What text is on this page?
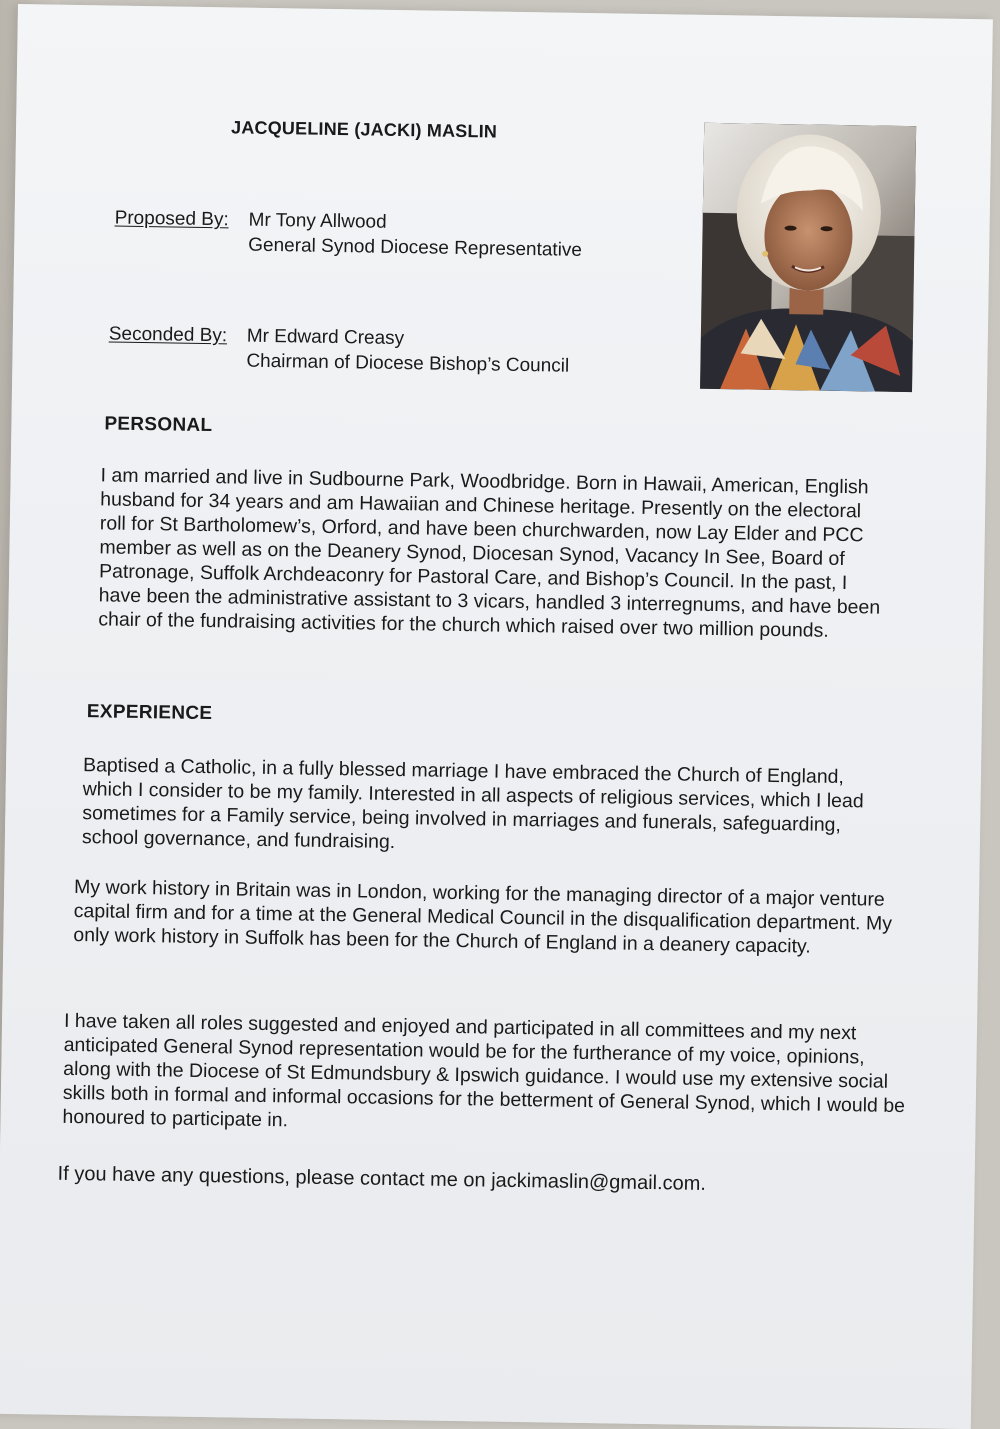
JACQUELINE (JACKI) MASLIN
Proposed By: Mr Tony Allwood
General Synod Diocese Representative
Seconded By: Mr Edward Creasy
Chairman of Diocese Bishop’s Council
PERSONAL
I am married and live in Sudbourne Park, Woodbridge. Born in Hawaii, American, English husband for 34 years and am Hawaiian and Chinese heritage. Presently on the electoral roll for St Bartholomew’s, Orford, and have been churchwarden, now Lay Elder and PCC member as well as on the Deanery Synod, Diocesan Synod, Vacancy In See, Board of Patronage, Suffolk Archdeaconry for Pastoral Care, and Bishop’s Council. In the past, I have been the administrative assistant to 3 vicars, handled 3 interregnums, and have been chair of the fundraising activities for the church which raised over two million pounds.
EXPERIENCE
Baptised a Catholic, in a fully blessed marriage I have embraced the Church of England, which I consider to be my family. Interested in all aspects of religious services, which I lead sometimes for a Family service, being involved in marriages and funerals, safeguarding, school governance, and fundraising.
My work history in Britain was in London, working for the managing director of a major venture capital firm and for a time at the General Medical Council in the disqualification department. My only work history in Suffolk has been for the Church of England in a deanery capacity.
I have taken all roles suggested and enjoyed and participated in all committees and my next anticipated General Synod representation would be for the furtherance of my voice, opinions, along with the Diocese of St Edmundsbury & Ipswich guidance. I would use my extensive social skills both in formal and informal occasions for the betterment of General Synod, which I would be honoured to participate in.
If you have any questions, please contact me on jackimaslin@gmail.com.
